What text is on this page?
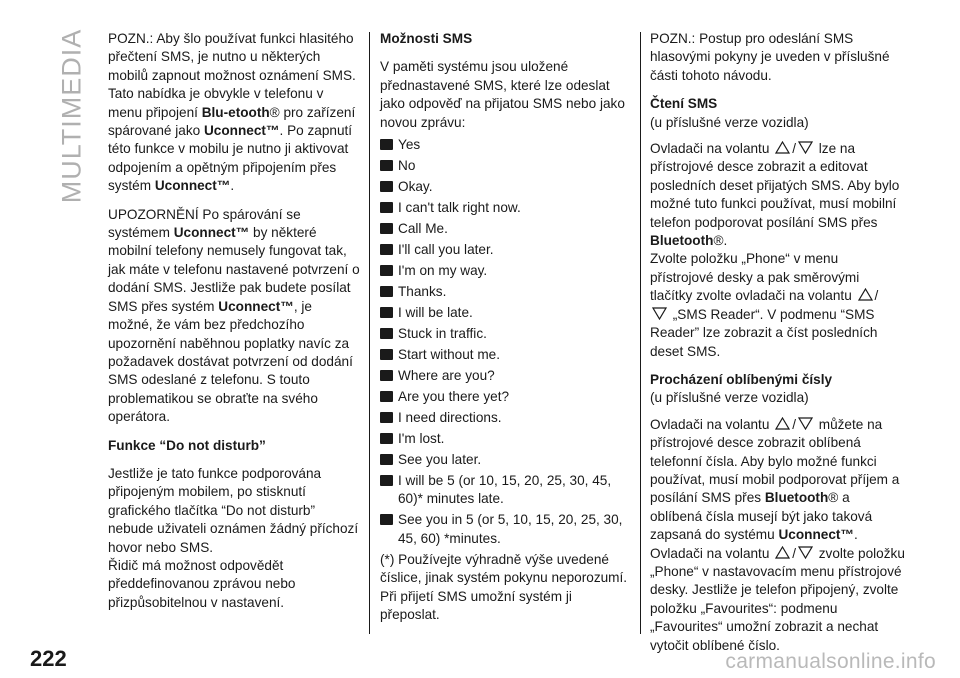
MULTIMEDIA POZN.: Aby šlo používat funkci hlasitého přečtení SMS, je nutno u některých mobilů zapnout možnost oznámení SMS. Tato nabídka je obvykle v telefonu v menu připojení Blu-etooth® pro zařízení spárované jako Uconnect™. Po zapnutí této funkce v mobilu je nutno ji aktivovat odpojením a opětným připojením přes systém Uconnect™.

UPOZORNĚNÍ Po spárování se systémem Uconnect™ by některé mobilní telefony nemusely fungovat tak, jak máte v telefonu nastavené potvrzení o dodání SMS. Jestliže pak budete posílat SMS přes systém Uconnect™, je možné, že vám bez předchozího upozornění naběhnou poplatky navíc za požadavek dostávat potvrzení od dodání SMS odeslané z telefonu. S touto problematikou se obraťte na svého operátora.

Funkce “Do not disturb”

Jestliže je tato funkce podporována připojeným mobilem, po stisknutí grafického tlačítka “Do not disturb” nebude uživateli oznámen žádný příchozí hovor nebo SMS.

Řidič má možnost odpovědět předdefinovanou zprávou nebo přizpůsobitelnou v nastavení.

Možnosti SMS

V paměti systému jsou uložené přednastavené SMS, které lze odeslat jako odpověď na přijatou SMS nebo jako novou zprávu:

Yes
No
Okay.
I can't talk right now.
Call Me.
I'll call you later.
I'm on my way.
Thanks.
I will be late.
Stuck in traffic.
Start without me.
Where are you?
Are you there yet?
I need directions.
I'm lost.
See you later.
I will be 5 (or 10, 15, 20, 25, 30, 45, 60)* minutes late.
See you in 5 (or 5, 10, 15, 20, 25, 30, 45, 60) *minutes.

(*) Používejte výhradně výše uvedené číslice, jinak systém pokynu neporozumí.

Při přijetí SMS umožní systém ji přeposlat.

POZN.: Postup pro odeslání SMS hlasovými pokyny je uveden v příslušné části tohoto návodu.

Čtení SMS

(u příslušné verze vozidla)

Ovladači na volantu / lze na přístrojové desce zobrazit a editovat posledních deset přijatých SMS. Aby bylo možné tuto funkci používat, musí mobilní telefon podporovat posílání SMS přes Bluetooth®.

Zvolte položku „Phone“ v menu přístrojové desky a pak směrovými tlačítky zvolte ovladači na volantu /
„SMS Reader“. V podmenu “SMS Reader” lze zobrazit a číst posledních deset SMS.

Procházení oblíbenými čísly

(u příslušné verze vozidla)

Ovladači na volantu / můžete na přístrojové desce zobrazit oblíbená telefonní čísla. Aby bylo možné funkci používat, musí mobil podporovat příjem a posílání SMS přes Bluetooth® a oblíbená čísla musejí být jako taková zapsaná do systému Uconnect™.

Ovladači na volantu / zvolte položku „Phone“ v nastavovacím menu přístrojové desky. Jestliže je telefon připojený, zvolte položku „Favourites“: podmenu „Favourites“ umožní zobrazit a nechat vytočit oblíbené číslo.

222	carmanualsonline.info
